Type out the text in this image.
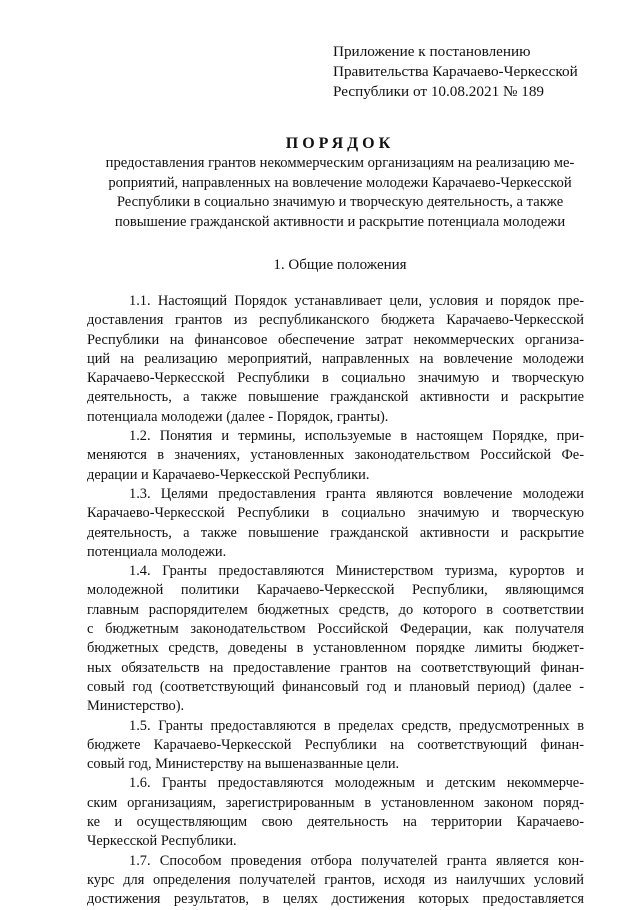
Приложение к постановлению
Правительства Карачаево-Черкесской
Республики от 10.08.2021 № 189
ПОРЯДОК
предоставления грантов некоммерческим организациям на реализацию ме-
роприятий, направленных на вовлечение молодежи Карачаево-Черкесской
Республики в социально значимую и творческую деятельность, а также
повышение гражданской активности и раскрытие потенциала молодежи
1. Общие положения
1.1. Настоящий Порядок устанавливает цели, условия и порядок пре-
доставления грантов из республиканского бюджета Карачаево-Черкесской
Республики на финансовое обеспечение затрат некоммерческих организа-
ций на реализацию мероприятий, направленных на вовлечение молодежи
Карачаево-Черкесской Республики в социально значимую и творческую
деятельность, а также повышение гражданской активности и раскрытие
потенциала молодежи (далее - Порядок, гранты).
1.2. Понятия и термины, используемые в настоящем Порядке, при-
меняются в значениях, установленных законодательством Российской Фе-
дерации и Карачаево-Черкесской Республики.
1.3. Целями предоставления гранта являются вовлечение молодежи
Карачаево-Черкесской Республики в социально значимую и творческую
деятельность, а также повышение гражданской активности и раскрытие
потенциала молодежи.
1.4. Гранты предоставляются Министерством туризма, курортов и
молодежной политики Карачаево-Черкесской Республики, являющимся
главным распорядителем бюджетных средств, до которого в соответствии
с бюджетным законодательством Российской Федерации, как получателя
бюджетных средств, доведены в установленном порядке лимиты бюджет-
ных обязательств на предоставление грантов на соответствующий финан-
совый год (соответствующий финансовый год и плановый период) (далее -
Министерство).
1.5. Гранты предоставляются в пределах средств, предусмотренных в
бюджете Карачаево-Черкесской Республики на соответствующий финан-
совый год, Министерству на вышеназванные цели.
1.6. Гранты предоставляются молодежным и детским некоммерче-
ским организациям, зарегистрированным в установленном законом поряд-
ке и осуществляющим свою деятельность на территории Карачаево-
Черкесской Республики.
1.7. Способом проведения отбора получателей гранта является кон-
курс для определения получателей грантов, исходя из наилучших условий
достижения результатов, в целях достижения которых предоставляется
